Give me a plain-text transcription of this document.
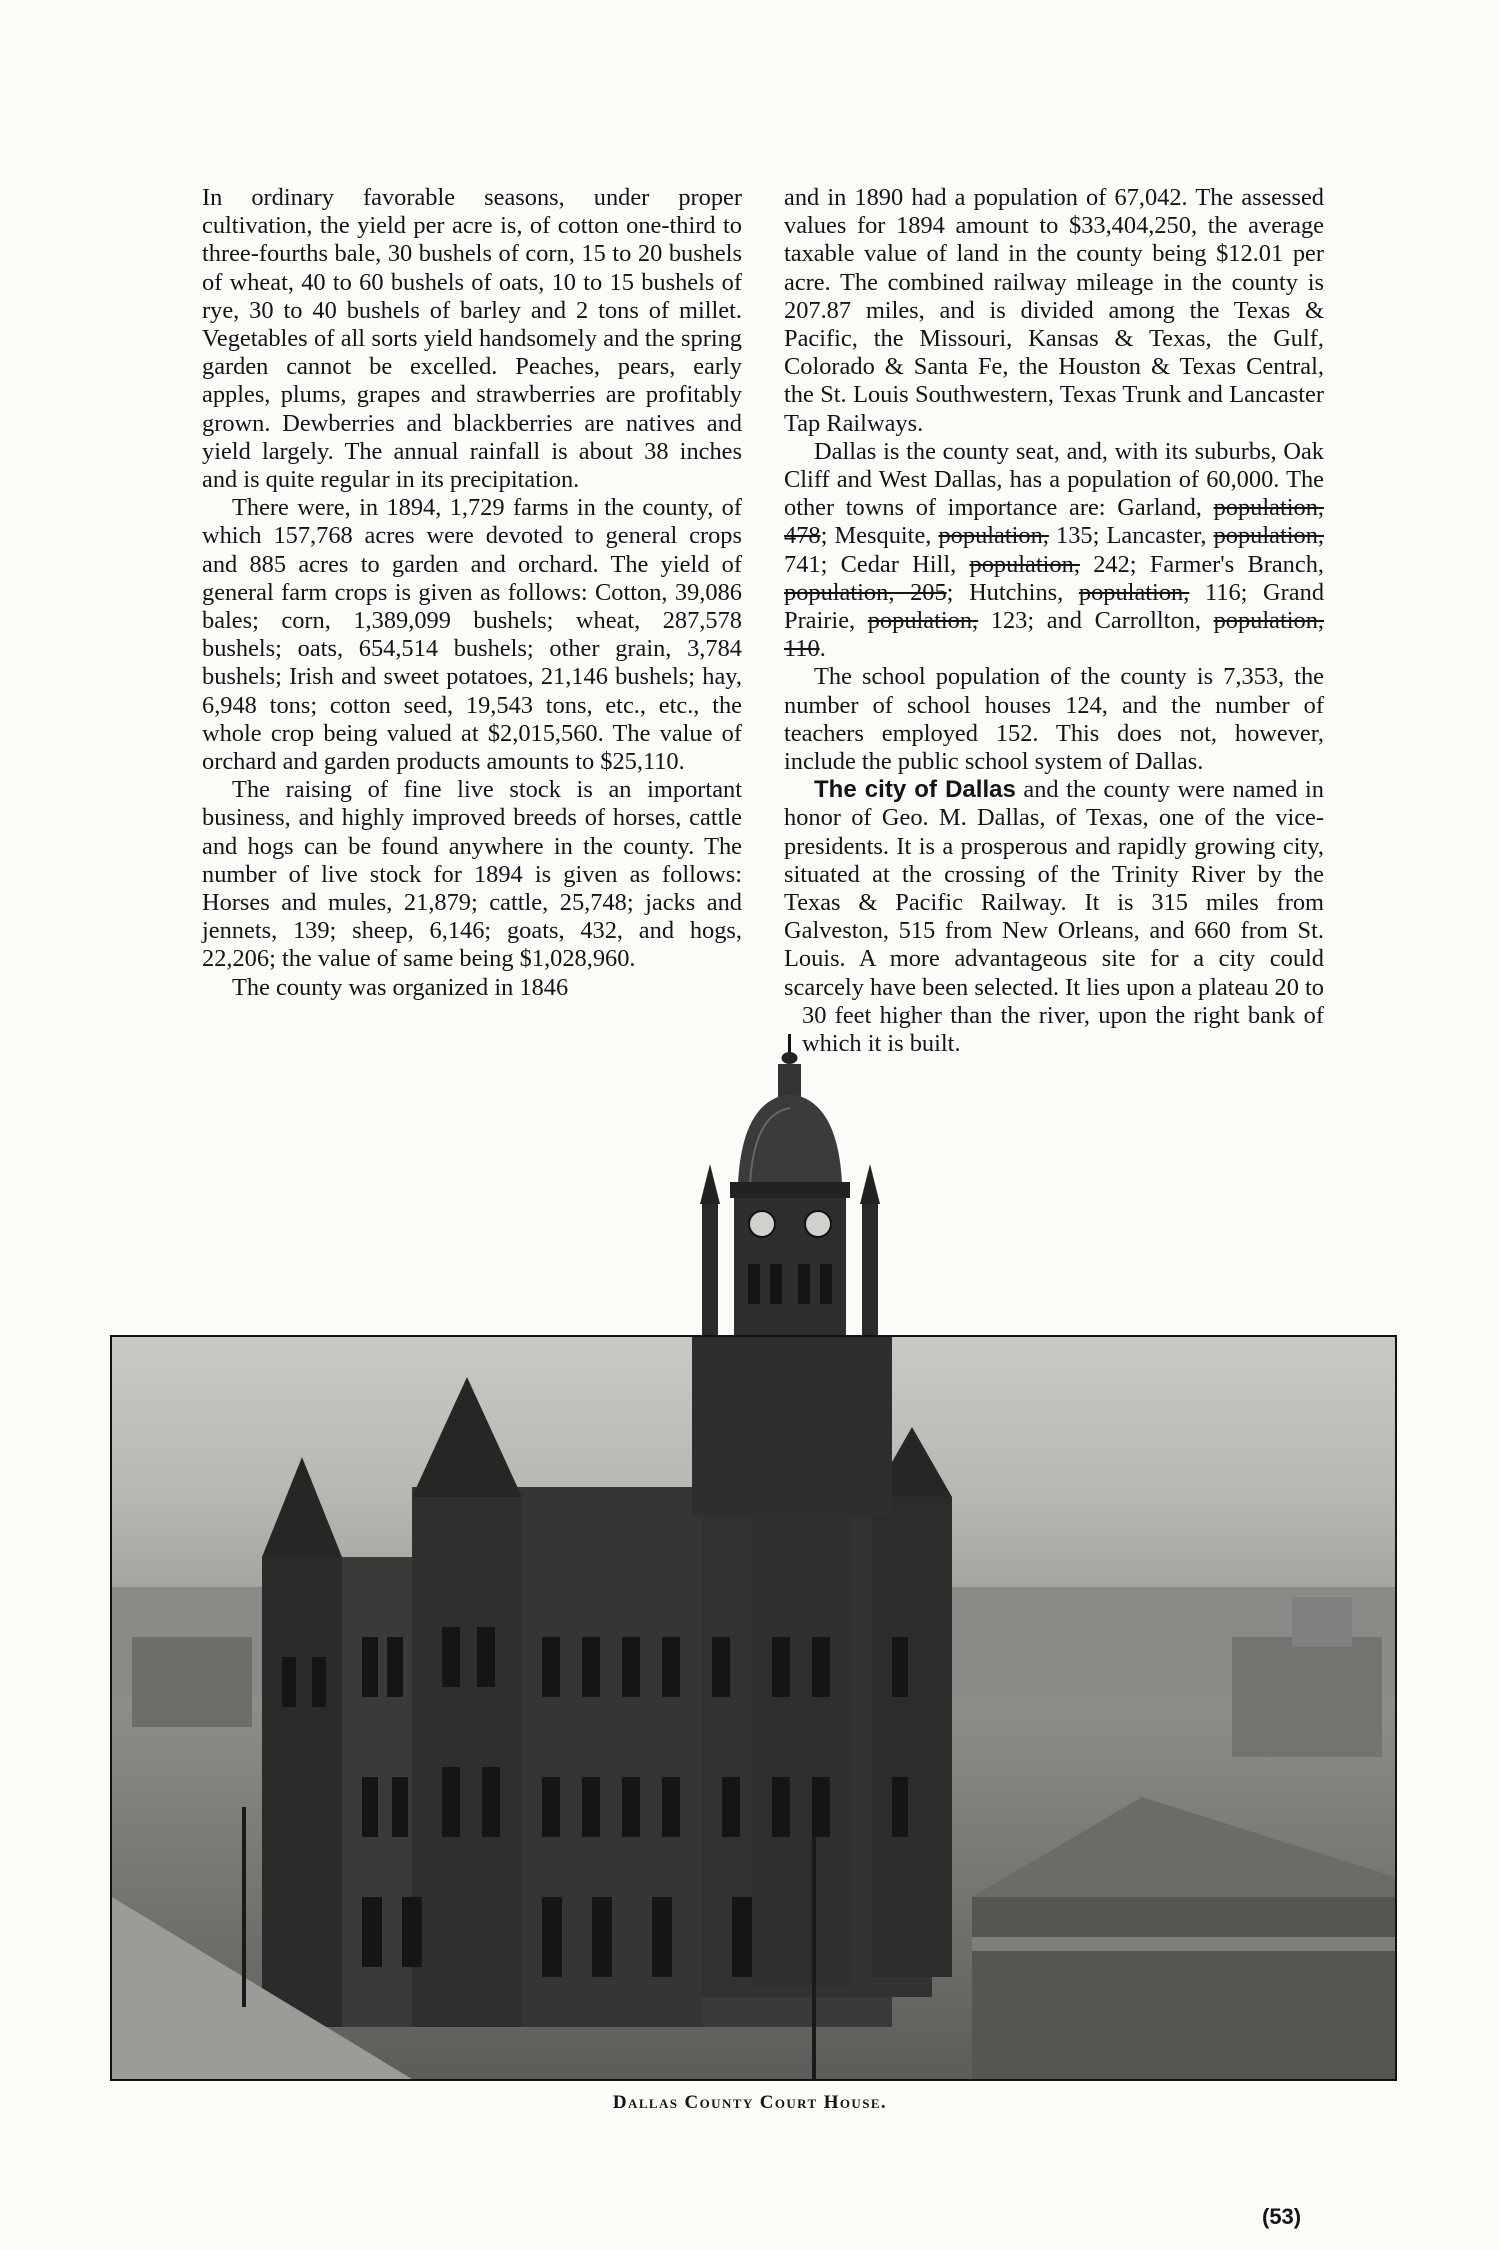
In ordinary favorable seasons, under proper cultivation, the yield per acre is, of cotton one-third to three-fourths bale, 30 bushels of corn, 15 to 20 bushels of wheat, 40 to 60 bushels of oats, 10 to 15 bushels of rye, 30 to 40 bushels of barley and 2 tons of millet. Vegetables of all sorts yield handsomely and the spring garden cannot be excelled. Peaches, pears, early apples, plums, grapes and strawberries are profitably grown. Dewberries and blackberries are natives and yield largely. The annual rainfall is about 38 inches and is quite regular in its precipitation.

There were, in 1894, 1,729 farms in the county, of which 157,768 acres were devoted to general crops and 885 acres to garden and orchard. The yield of general farm crops is given as follows: Cotton, 39,086 bales; corn, 1,389,099 bushels; wheat, 287,578 bushels; oats, 654,514 bushels; other grain, 3,784 bushels; Irish and sweet potatoes, 21,146 bushels; hay, 6,948 tons; cotton seed, 19,543 tons, etc., etc., the whole crop being valued at $2,015,560. The value of orchard and garden products amounts to $25,110.

The raising of fine live stock is an important business, and highly improved breeds of horses, cattle and hogs can be found anywhere in the county. The number of live stock for 1894 is given as follows: Horses and mules, 21,879; cattle, 25,748; jacks and jennets, 139; sheep, 6,146; goats, 432, and hogs, 22,206; the value of same being $1,028,960.

The county was organized in 1846

and in 1890 had a population of 67,042. The assessed values for 1894 amount to $33,404,250, the average taxable value of land in the county being $12.01 per acre. The combined railway mileage in the county is 207.87 miles, and is divided among the Texas & Pacific, the Missouri, Kansas & Texas, the Gulf, Colorado & Santa Fe, the Houston & Texas Central, the St. Louis Southwestern, Texas Trunk and Lancaster Tap Railways.

Dallas is the county seat, and, with its suburbs, Oak Cliff and West Dallas, has a population of 60,000. The other towns of importance are: Garland, population, 478; Mesquite, population, 135; Lancaster, population, 741; Cedar Hill, population, 242; Farmer's Branch, population, 205; Hutchins, population, 116; Grand Prairie, population, 123; and Carrollton, population, 110.

The school population of the county is 7,353, the number of school houses 124, and the number of teachers employed 152. This does not, however, include the public school system of Dallas.

The city of Dallas and the county were named in honor of Geo. M. Dallas, of Texas, one of the vice-presidents. It is a prosperous and rapidly growing city, situated at the crossing of the Trinity River by the Texas & Pacific Railway. It is 315 miles from Galveston, 515 from New Orleans, and 660 from St. Louis. A more advantageous site for a city could scarcely have been selected. It lies upon a plateau 20 to 30 feet higher than the river, upon the right bank of which it is built.

Dallas County Court House.
(53)
